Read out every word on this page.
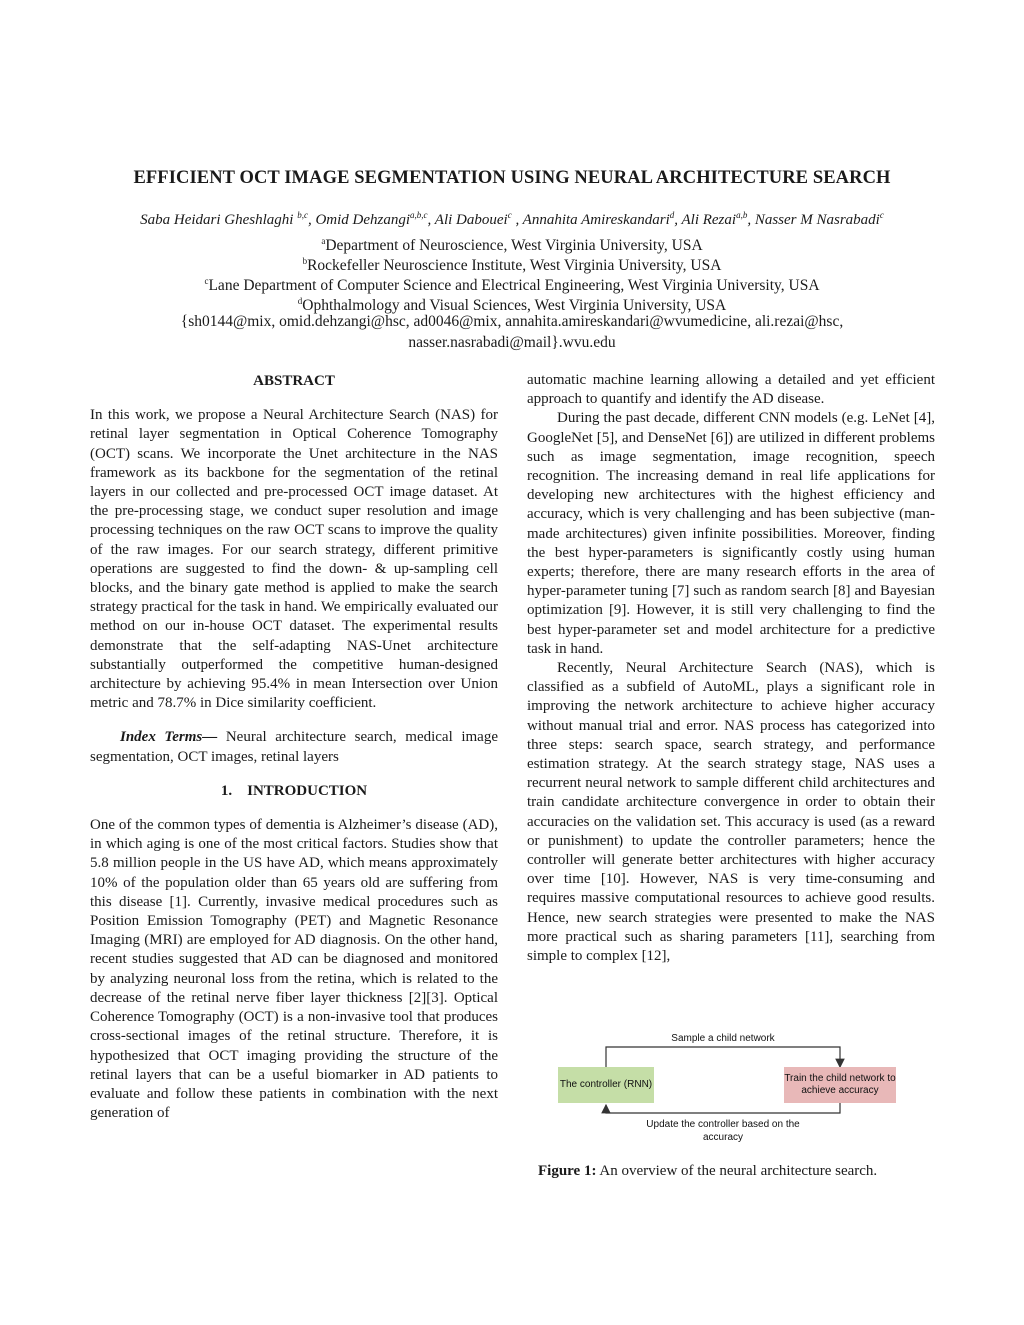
EFFICIENT OCT IMAGE SEGMENTATION USING NEURAL ARCHITECTURE SEARCH
Saba Heidari Gheshlaghi $^{b,c}$, Omid Dehzangi$^{a,b,c}$, Ali Dabouei$^c$ , Annahita Amireskandari$^d$, Ali Rezai$^{a,b}$, Nasser M Nasrabadi$^c$
$^a$Department of Neuroscience, West Virginia University, USA
$^b$Rockefeller Neuroscience Institute, West Virginia University, USA
$^c$Lane Department of Computer Science and Electrical Engineering, West Virginia University, USA
$^d$Ophthalmology and Visual Sciences, West Virginia University, USA
{sh0144@mix, omid.dehzangi@hsc, ad0046@mix, annahita.amireskandari@wvumedicine, ali.rezai@hsc,
nasser.nasrabadi@mail}.wvu.edu

ABSTRACT

In this work, we propose a Neural Architecture Search (NAS) for retinal layer segmentation in Optical Coherence Tomography (OCT) scans. We incorporate the Unet architecture in the NAS framework as its backbone for the segmentation of the retinal layers in our collected and pre-processed OCT image dataset. At the pre-processing stage, we conduct super resolution and image processing techniques on the raw OCT scans to improve the quality of the raw images. For our search strategy, different primitive operations are suggested to find the down- & up-sampling cell blocks, and the binary gate method is applied to make the search strategy practical for the task in hand. We empirically evaluated our method on our in-house OCT dataset. The experimental results demonstrate that the self-adapting NAS-Unet architecture substantially outperformed the competitive human-designed architecture by achieving 95.4% in mean Intersection over Union metric and 78.7% in Dice similarity coefficient.

Index Terms— Neural architecture search, medical image segmentation, OCT images, retinal layers

1.    INTRODUCTION

One of the common types of dementia is Alzheimer’s disease (AD), in which aging is one of the most critical factors. Studies show that 5.8 million people in the US have AD, which means approximately 10% of the population older than 65 years old are suffering from this disease [1]. Currently, invasive medical procedures such as Position Emission Tomography (PET) and Magnetic Resonance Imaging (MRI) are employed for AD diagnosis. On the other hand, recent studies suggested that AD can be diagnosed and monitored by analyzing neuronal loss from the retina, which is related to the decrease of the retinal nerve fiber layer thickness [2][3]. Optical Coherence Tomography (OCT) is a non-invasive tool that produces cross-sectional images of the retinal structure. Therefore, it is hypothesized that OCT imaging providing the structure of the retinal layers that can be a useful biomarker in AD patients to evaluate and follow these patients in combination with the next generation of

automatic machine learning allowing a detailed and yet efficient approach to quantify and identify the AD disease.

During the past decade, different CNN models (e.g. LeNet [4], GoogleNet [5], and DenseNet [6]) are utilized in different problems such as image segmentation, image recognition, speech recognition. The increasing demand in real life applications for developing new architectures with the highest efficiency and accuracy, which is very challenging and has been subjective (man-made architectures) given infinite possibilities. Moreover, finding the best hyper-parameters is significantly costly using human experts; therefore, there are many research efforts in the area of hyper-parameter tuning [7] such as random search [8] and Bayesian optimization [9]. However, it is still very challenging to find the best hyper-parameter set and model architecture for a predictive task in hand.

Recently, Neural Architecture Search (NAS), which is classified as a subfield of AutoML, plays a significant role in improving the network architecture to achieve higher accuracy without manual trial and error. NAS process has categorized into three steps: search space, search strategy, and performance estimation strategy. At the search strategy stage, NAS uses a recurrent neural network to sample different child architectures and train candidate architecture convergence in order to obtain their accuracies on the validation set. This accuracy is used (as a reward or punishment) to update the controller parameters; hence the controller will generate better architectures with higher accuracy over time [10]. However, NAS is very time-consuming and requires massive computational resources to achieve good results. Hence, new search strategies were presented to make the NAS more practical such as sharing parameters [11], searching from simple to complex [12],

Sample a child network
The controller (RNN)
Train the child network to achieve accuracy
Update the controller based on the accuracy
Figure 1: An overview of the neural architecture search.
